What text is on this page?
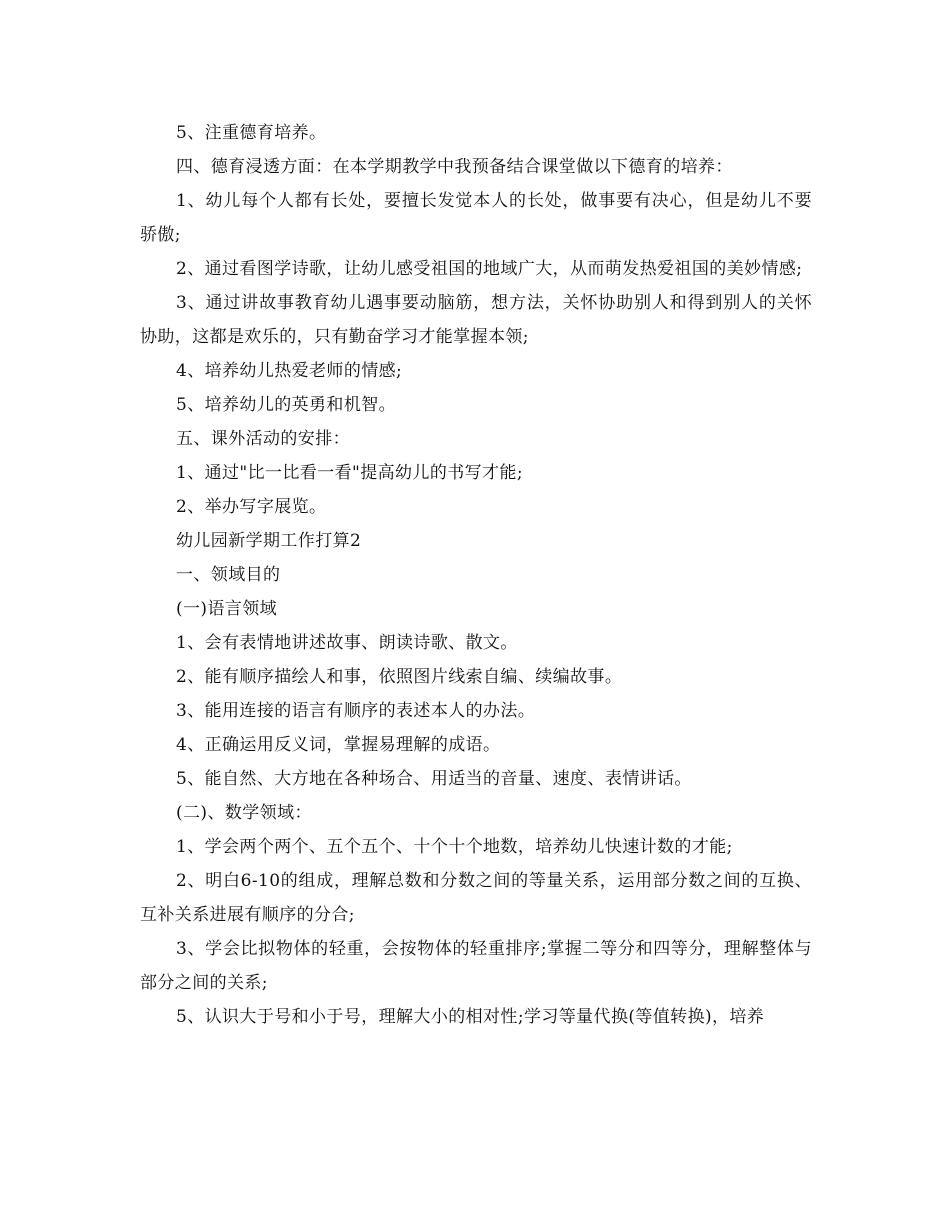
5、注重德育培养。

四、德育浸透方面：在本学期教学中我预备结合课堂做以下德育的培养：

1、幼儿每个人都有长处，要擅长发觉本人的长处，做事要有决心，但是幼儿不要骄傲;

2、通过看图学诗歌，让幼儿感受祖国的地域广大，从而萌发热爱祖国的美妙情感;

3、通过讲故事教育幼儿遇事要动脑筋，想方法，关怀协助别人和得到别人的关怀协助，这都是欢乐的，只有勤奋学习才能掌握本领;

4、培养幼儿热爱老师的情感;

5、培养幼儿的英勇和机智。

五、课外活动的安排：

1、通过"比一比看一看"提高幼儿的书写才能;

2、举办写字展览。

幼儿园新学期工作打算2

一、领域目的

(一)语言领域

1、会有表情地讲述故事、朗读诗歌、散文。

2、能有顺序描绘人和事，依照图片线索自编、续编故事。

3、能用连接的语言有顺序的表述本人的办法。

4、正确运用反义词，掌握易理解的成语。

5、能自然、大方地在各种场合、用适当的音量、速度、表情讲话。

(二)、数学领域：

1、学会两个两个、五个五个、十个十个地数，培养幼儿快速计数的才能;

2、明白6-10的组成，理解总数和分数之间的等量关系，运用部分数之间的互换、互补关系进展有顺序的分合;

3、学会比拟物体的轻重，会按物体的轻重排序;掌握二等分和四等分，理解整体与部分之间的关系;

5、认识大于号和小于号，理解大小的相对性;学习等量代换(等值转换)，培养
